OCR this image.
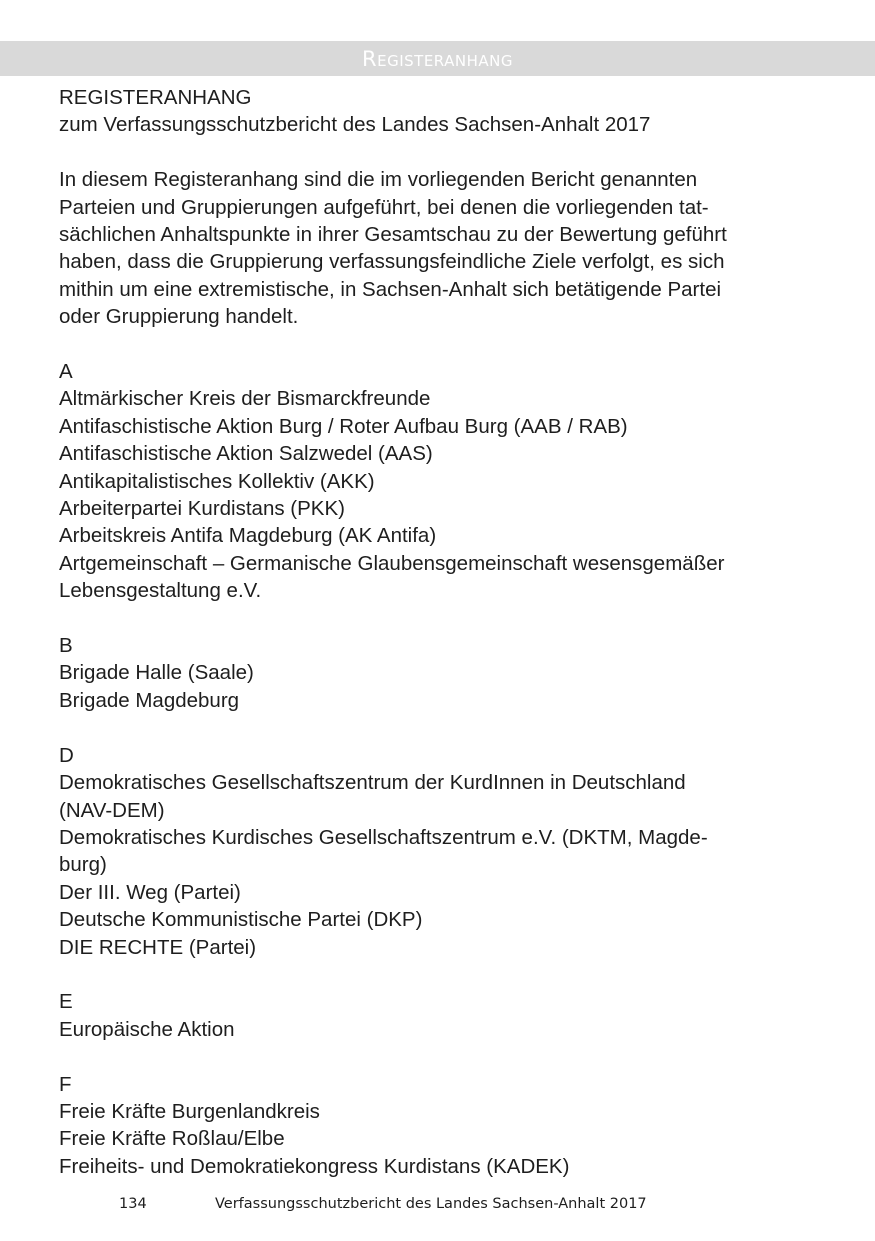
Registeranhang
REGISTERANHANG
zum Verfassungsschutzbericht des Landes Sachsen-Anhalt 2017
In diesem Registeranhang sind die im vorliegenden Bericht genannten
Parteien und Gruppierungen aufgeführt, bei denen die vorliegenden tat-
sächlichen Anhaltspunkte in ihrer Gesamtschau zu der Bewertung geführt
haben, dass die Gruppierung verfassungsfeindliche Ziele verfolgt, es sich
mithin um eine extremistische, in Sachsen-Anhalt sich betätigende Partei
oder Gruppierung handelt.
A
Altmärkischer Kreis der Bismarckfreunde
Antifaschistische Aktion Burg / Roter Aufbau Burg (AAB / RAB)
Antifaschistische Aktion Salzwedel (AAS)
Antikapitalistisches Kollektiv (AKK)
Arbeiterpartei Kurdistans (PKK)
Arbeitskreis Antifa Magdeburg (AK Antifa)
Artgemeinschaft – Germanische Glaubensgemeinschaft wesensgemäßer
Lebensgestaltung e.V.
B
Brigade Halle (Saale)
Brigade Magdeburg
D
Demokratisches Gesellschaftszentrum der KurdInnen in Deutschland
(NAV-DEM)
Demokratisches Kurdisches Gesellschaftszentrum e.V. (DKTM, Magde-
burg)
Der III. Weg (Partei)
Deutsche Kommunistische Partei (DKP)
DIE RECHTE (Partei)
E
Europäische Aktion
F
Freie Kräfte Burgenlandkreis
Freie Kräfte Roßlau/Elbe
Freiheits- und Demokratiekongress Kurdistans (KADEK)
134	Verfassungsschutzbericht des Landes Sachsen-Anhalt 2017
